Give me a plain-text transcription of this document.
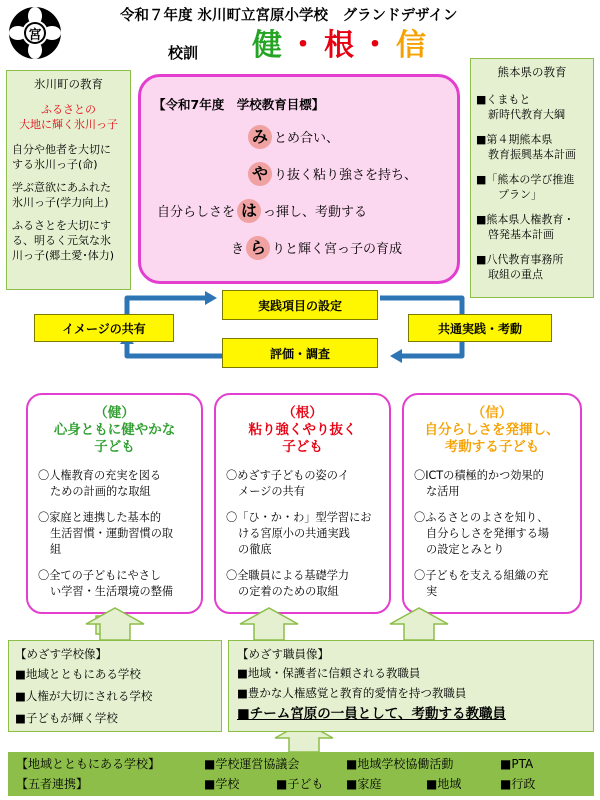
宮
令和７年度 氷川町立宮原小学校　グランドデザイン
校訓 健 ・ 根 ・ 信
氷川町の教育
ふるさとの
大地に輝く氷川っ子
自分や他者を大切に
する氷川っ子(命)
学ぶ意欲にあふれた
氷川っ子(学力向上)
ふるさとを大切にす
る、明るく元気な氷
川っ子(郷土愛･体力)
熊本県の教育
■くまもと
新時代教育大綱
■第４期熊本県
教育振興基本計画
■「熊本の学び推進
プラン」
■熊本県人権教育・
啓発基本計画
■八代教育事務所
取組の重点
【令和7年度　学校教育目標】
み とめ合い、
や り抜く粘り強さを持ち、
自分らしさを は っ揮し、考動する
き ら りと輝く宮っ子の育成
実践項目の設定
イメージの共有	共通実践・考動
評価・調査
（健）
心身ともに健やかな
子ども
〇人権教育の充実を図る
ための計画的な取組
〇家庭と連携した基本的
生活習慣・運動習慣の取
組
〇全ての子どもにやさし
い学習・生活環境の整備
（根）
粘り強くやり抜く
子ども
〇めざす子どもの姿のイ
メージの共有
〇「ひ・か・わ」型学習にお
ける宮原小の共通実践
の徹底
〇全職員による基礎学力
の定着のための取組
（信）
自分らしさを発揮し、
考動する子ども
〇ICTの積極的かつ効果的
な活用
〇ふるさとのよさを知り、
自分らしさを発揮する場
の設定とみとり
〇子どもを支える組織の充
実
【めざす学校像】
■地域とともにある学校
■人権が大切にされる学校
■子どもが輝く学校
【めざす職員像】
■地域・保護者に信頼される教職員
■豊かな人権感覚と教育的愛情を持つ教職員
■チーム宮原の一員として、考動する教職員
【地域とともにある学校】	■学校運営協議会	■地域学校協働活動	■PTA
【五者連携】	■学校	■子ども ■家庭	■地域	■行政
